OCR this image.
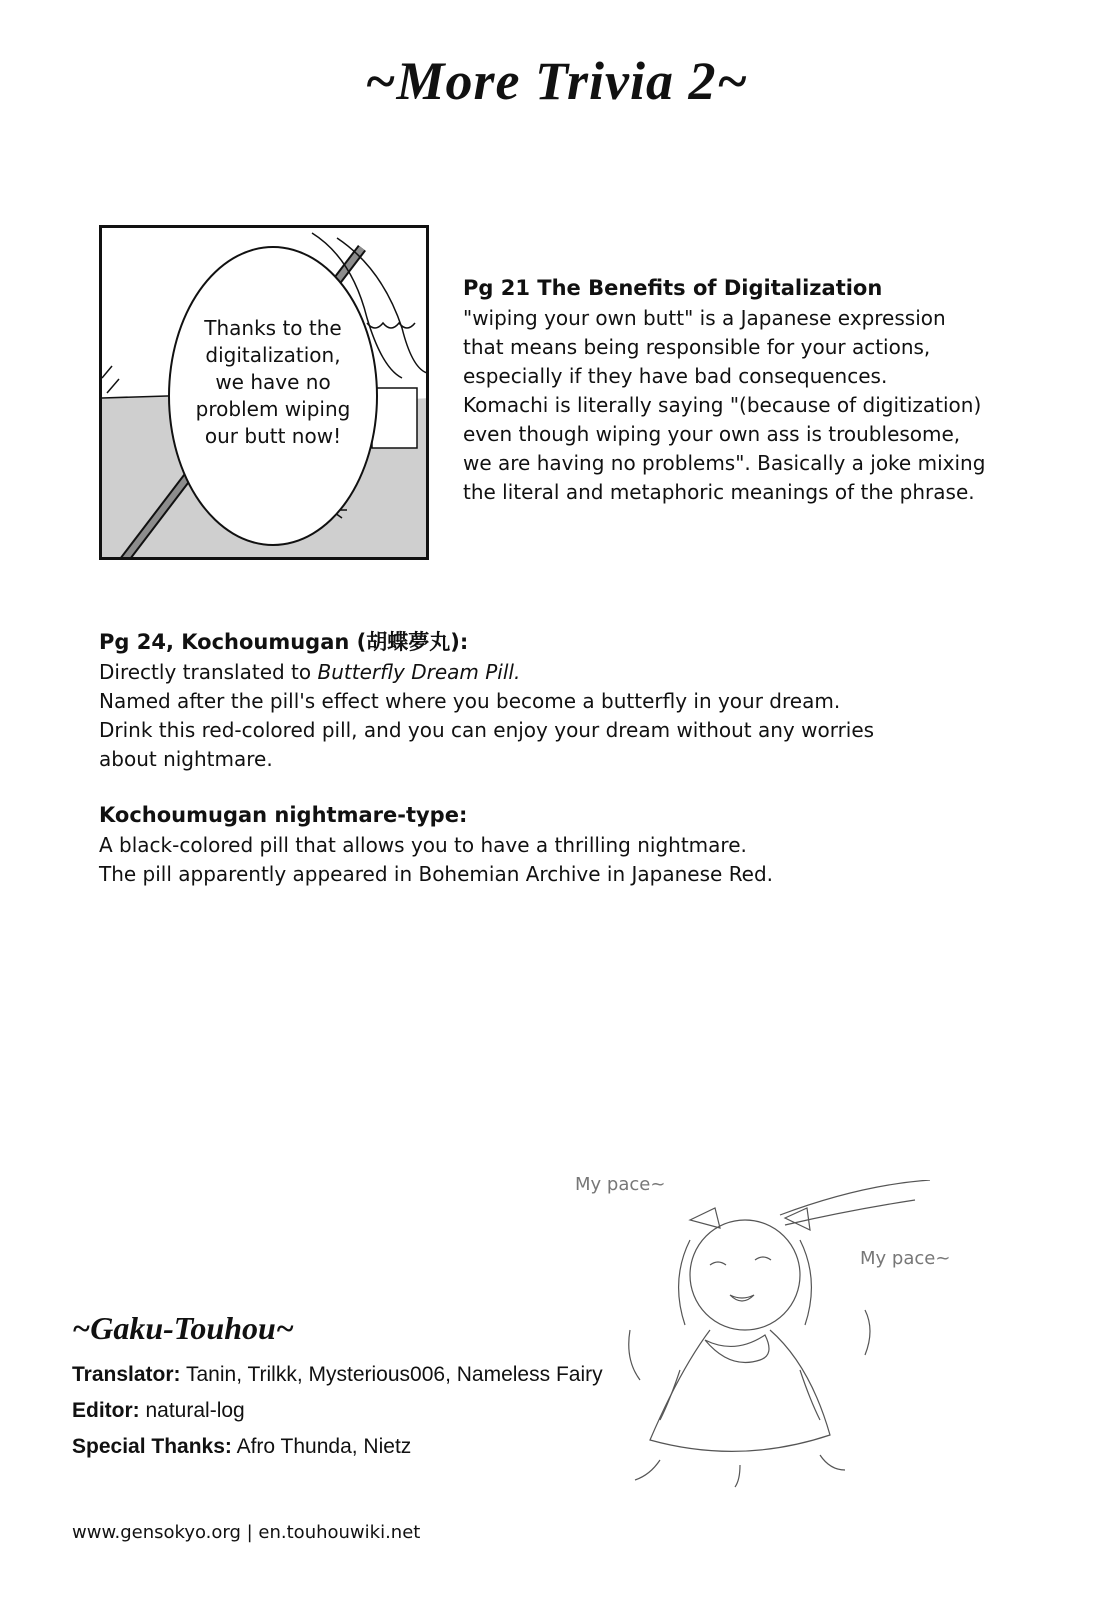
~More Trivia 2~
Thanks to the
digitalization,
we have no
problem wiping
our butt now!
Pg 21 The Benefits of Digitalization
"wiping your own butt" is a Japanese expression
that means being responsible for your actions,
especially if they have bad consequences.
Komachi is literally saying "(because of digitization)
even though wiping your own ass is troublesome,
we are having no problems". Basically a joke mixing
the literal and metaphoric meanings of the phrase.
Pg 24, Kochoumugan (胡蝶夢丸):
Directly translated to Butterfly Dream Pill.
Named after the pill's effect where you become a butterfly in your dream.
Drink this red-colored pill, and you can enjoy your dream without any worries
about nightmare.
Kochoumugan nightmare-type:
A black-colored pill that allows you to have a thrilling nightmare.
The pill apparently appeared in Bohemian Archive in Japanese Red.
My pace~
My pace~
~Gaku-Touhou~
Translator: Tanin, Trilkk, Mysterious006, Nameless Fairy
Editor: natural-log
Special Thanks: Afro Thunda, Nietz
www.gensokyo.org | en.touhouwiki.net
